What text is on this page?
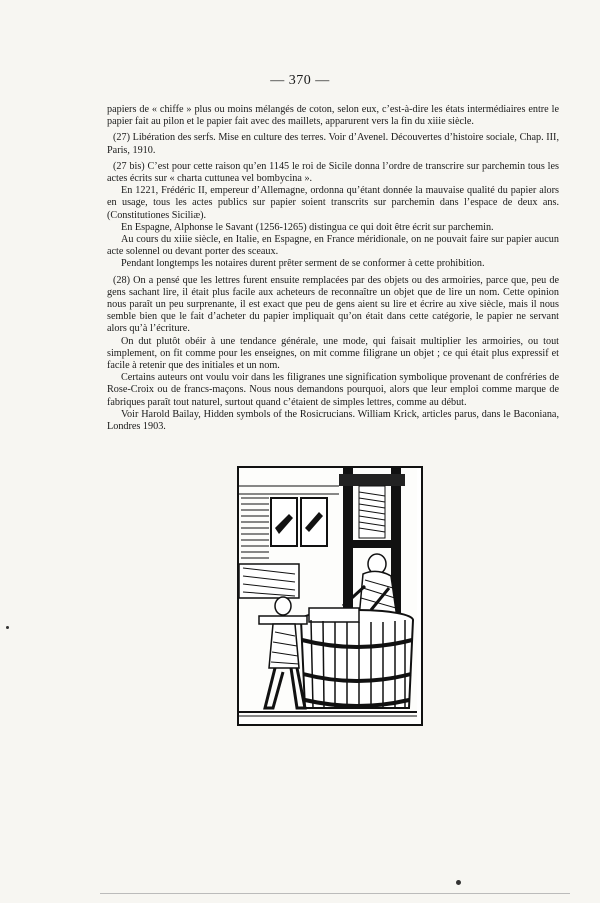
— 370 —

papiers de « chiffe » plus ou moins mélangés de coton, selon eux, c’est-à-dire les états intermédiaires entre le papier fait au pilon et le papier fait avec des maillets, apparurent vers la fin du xiiie siècle.

(27) Libération des serfs. Mise en culture des terres. Voir d’Avenel. Découvertes d’histoire sociale, Chap. III, Paris, 1910.

(27 bis) C’est pour cette raison qu’en 1145 le roi de Sicile donna l’ordre de transcrire sur parchemin tous les actes écrits sur « charta cuttunea vel bombycina ».

En 1221, Frédéric II, empereur d’Allemagne, ordonna qu’étant donnée la mauvaise qualité du papier alors en usage, tous les actes publics sur papier soient transcrits sur parchemin dans l’espace de deux ans. (Constitutiones Siciliæ).

En Espagne, Alphonse le Savant (1256-1265) distingua ce qui doit être écrit sur parchemin.

Au cours du xiiie siècle, en Italie, en Espagne, en France méridionale, on ne pouvait faire sur papier aucun acte solennel ou devant porter des sceaux.

Pendant longtemps les notaires durent prêter serment de se conformer à cette prohibition.

(28) On a pensé que les lettres furent ensuite remplacées par des objets ou des armoiries, parce que, peu de gens sachant lire, il était plus facile aux acheteurs de reconnaître un objet que de lire un nom. Cette opinion nous paraît un peu surprenante, il est exact que peu de gens aient su lire et écrire au xive siècle, mais il nous semble bien que le fait d’acheter du papier impliquait qu’on était dans cette catégorie, le papier ne servant alors qu’à l’écriture.

On dut plutôt obéir à une tendance générale, une mode, qui faisait multiplier les armoiries, ou tout simplement, on fit comme pour les enseignes, on mit comme filigrane un objet ; ce qui était plus expressif et facile à retenir que des initiales et un nom.

Certains auteurs ont voulu voir dans les filigranes une signification symbolique provenant de confréries de Rose-Croix ou de francs-maçons. Nous nous demandons pourquoi, alors que leur emploi comme marque de fabriques paraît tout naturel, surtout quand c’étaient de simples lettres, comme au début.

Voir Harold Bailay, Hidden symbols of the Rosicrucians. William Krick, articles parus, dans le Baconiana, Londres 1903.
